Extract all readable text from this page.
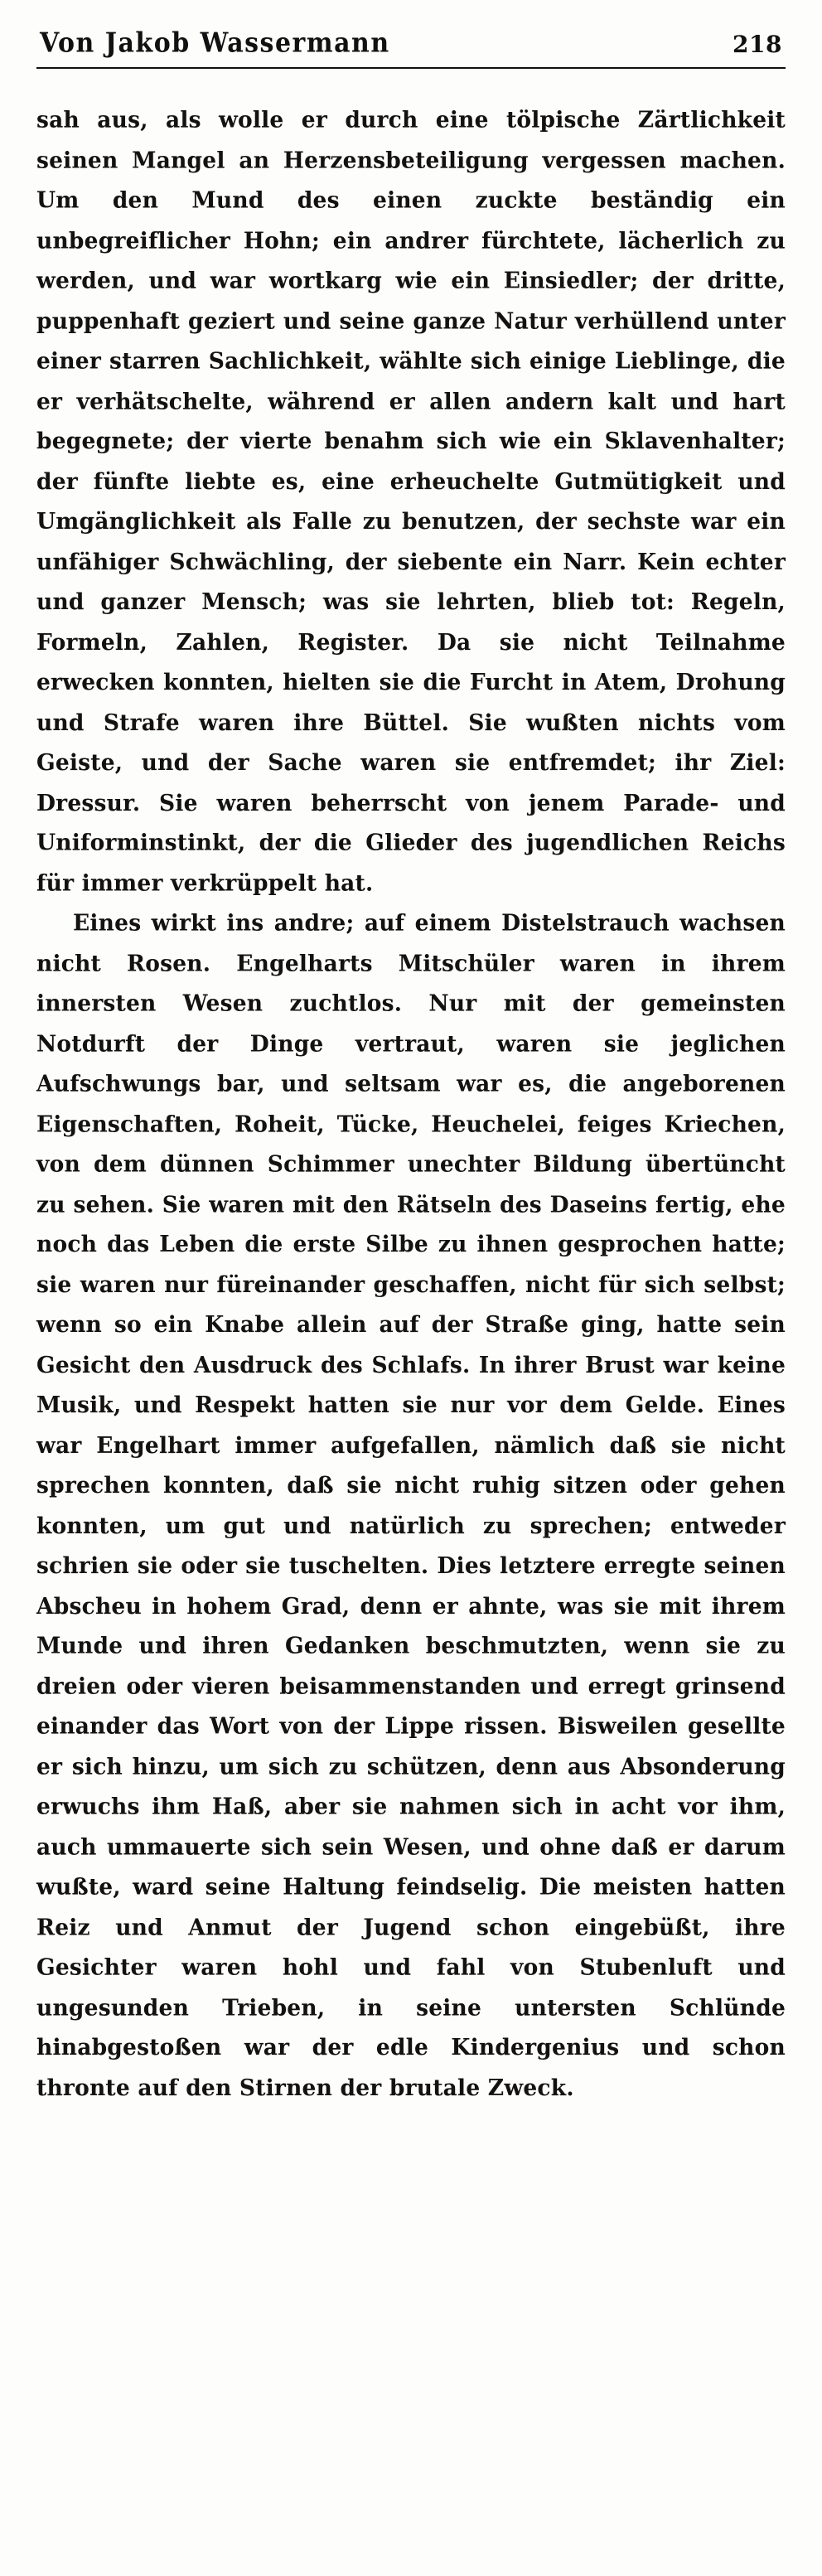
Von Jakob Wassermann	218

sah aus, als wolle er durch eine tölpische Zärtlichkeit seinen Mangel an Herzensbeteiligung vergessen machen. Um den Mund des einen zuckte beständig ein unbegreiflicher Hohn; ein andrer fürchtete, lächerlich zu werden, und war wortkarg wie ein Einsiedler; der dritte, puppenhaft geziert und seine ganze Natur verhüllend unter einer starren Sachlichkeit, wählte sich einige Lieblinge, die er verhätschelte, während er allen andern kalt und hart begegnete; der vierte benahm sich wie ein Sklavenhalter; der fünfte liebte es, eine erheuchelte Gutmütigkeit und Umgänglichkeit als Falle zu benutzen, der sechste war ein unfähiger Schwächling, der siebente ein Narr. Kein echter und ganzer Mensch; was sie lehrten, blieb tot: Regeln, Formeln, Zahlen, Register. Da sie nicht Teilnahme erwecken konnten, hielten sie die Furcht in Atem, Drohung und Strafe waren ihre Büttel. Sie wußten nichts vom Geiste, und der Sache waren sie entfremdet; ihr Ziel: Dressur. Sie waren beherrscht von jenem Parade- und Uniforminstinkt, der die Glieder des jugendlichen Reichs für immer verkrüppelt hat.

Eines wirkt ins andre; auf einem Distelstrauch wachsen nicht Rosen. Engelharts Mitschüler waren in ihrem innersten Wesen zuchtlos. Nur mit der gemeinsten Notdurft der Dinge vertraut, waren sie jeglichen Aufschwungs bar, und seltsam war es, die angeborenen Eigenschaften, Roheit, Tücke, Heuchelei, feiges Kriechen, von dem dünnen Schimmer unechter Bildung übertüncht zu sehen. Sie waren mit den Rätseln des Daseins fertig, ehe noch das Leben die erste Silbe zu ihnen gesprochen hatte; sie waren nur füreinander geschaffen, nicht für sich selbst; wenn so ein Knabe allein auf der Straße ging, hatte sein Gesicht den Ausdruck des Schlafs. In ihrer Brust war keine Musik, und Respekt hatten sie nur vor dem Gelde. Eines war Engelhart immer aufgefallen, nämlich daß sie nicht sprechen konnten, daß sie nicht ruhig sitzen oder gehen konnten, um gut und natürlich zu sprechen; entweder schrien sie oder sie tuschelten. Dies letztere erregte seinen Abscheu in hohem Grad, denn er ahnte, was sie mit ihrem Munde und ihren Gedanken beschmutzten, wenn sie zu dreien oder vieren beisammenstanden und erregt grinsend einander das Wort von der Lippe rissen. Bisweilen gesellte er sich hinzu, um sich zu schützen, denn aus Absonderung erwuchs ihm Haß, aber sie nahmen sich in acht vor ihm, auch ummauerte sich sein Wesen, und ohne daß er darum wußte, ward seine Haltung feindselig. Die meisten hatten Reiz und Anmut der Jugend schon eingebüßt, ihre Gesichter waren hohl und fahl von Stubenluft und ungesunden Trieben, in seine untersten Schlünde hinabgestoßen war der edle Kindergenius und schon thronte auf den Stirnen der brutale Zweck.
